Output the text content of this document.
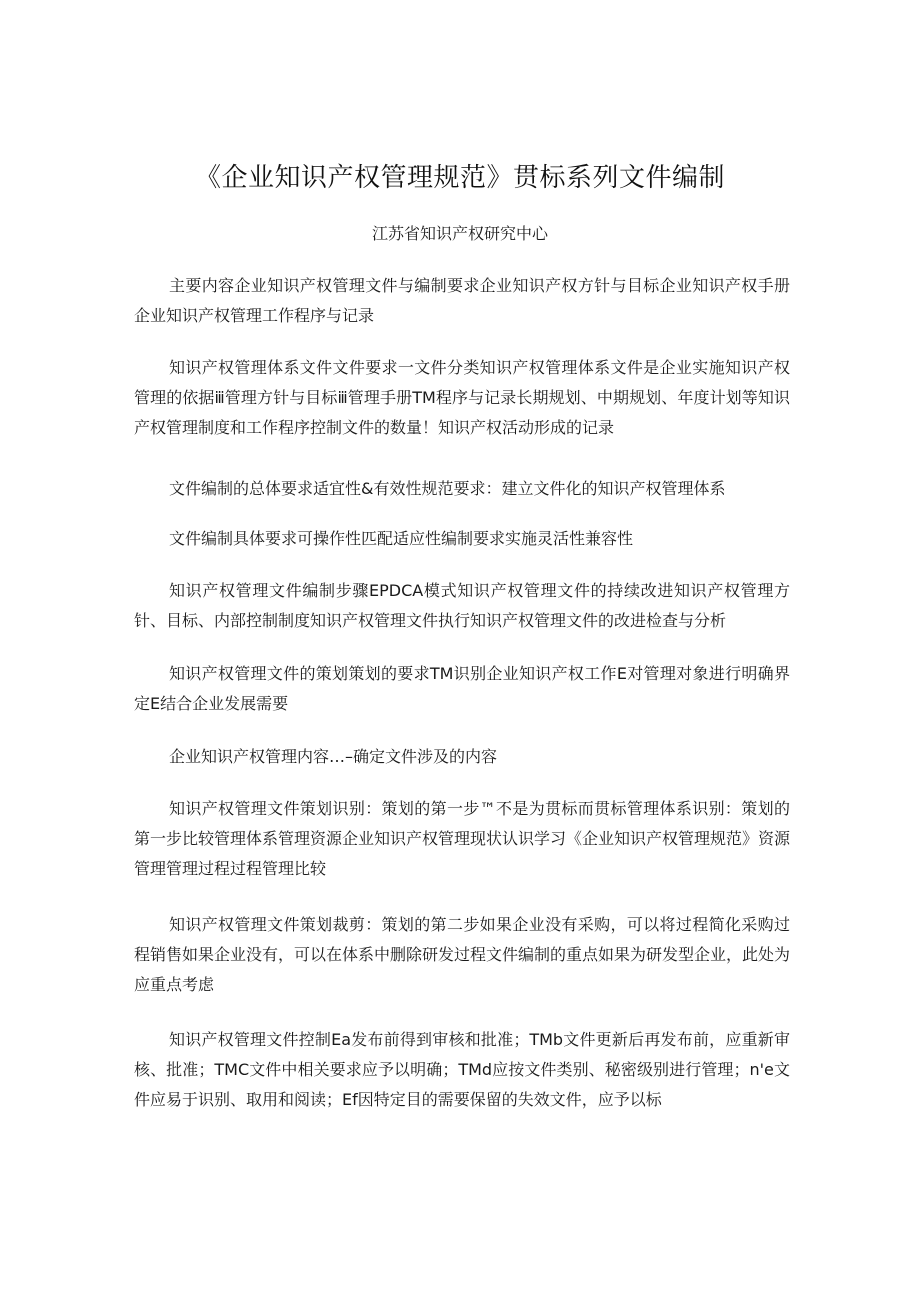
《企业知识产权管理规范》贯标系列文件编制

江苏省知识产权研究中心

主要内容企业知识产权管理文件与编制要求企业知识产权方针与目标企业知识产权手册企业知识产权管理工作程序与记录

知识产权管理体系文件文件要求一文件分类知识产权管理体系文件是企业实施知识产权管理的依据ⅲ管理方针与目标ⅲ管理手册TM程序与记录长期规划、中期规划、年度计划等知识产权管理制度和工作程序控制文件的数量！知识产权活动形成的记录

文件编制的总体要求适宜性&有效性规范要求：建立文件化的知识产权管理体系

文件编制具体要求可操作性匹配适应性编制要求实施灵活性兼容性

知识产权管理文件编制步骤EPDCA模式知识产权管理文件的持续改进知识产权管理方针、目标、内部控制制度知识产权管理文件执行知识产权管理文件的改进检查与分析

知识产权管理文件的策划策划的要求TM识别企业知识产权工作E对管理对象进行明确界定E结合企业发展需要

企业知识产权管理内容…–确定文件涉及的内容

知识产权管理文件策划识别：策划的第一步™不是为贯标而贯标管理体系识别：策划的第一步比较管理体系管理资源企业知识产权管理现状认识学习《企业知识产权管理规范》资源管理管理过程过程管理比较

知识产权管理文件策划裁剪：策划的第二步如果企业没有采购，可以将过程简化采购过程销售如果企业没有，可以在体系中删除研发过程文件编制的重点如果为研发型企业，此处为应重点考虑

知识产权管理文件控制Ea发布前得到审核和批准；TMb文件更新后再发布前，应重新审核、批准；TMC文件中相关要求应予以明确；TMd应按文件类别、秘密级别进行管理；n'e文件应易于识别、取用和阅读；Ef因特定目的需要保留的失效文件，应予以标
